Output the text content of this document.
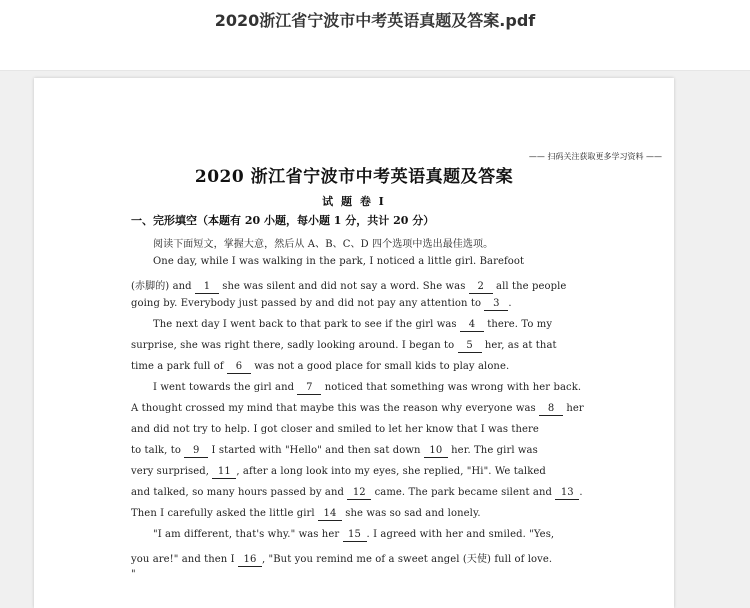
2020浙江省宁波市中考英语真题及答案.pdf
—— 扫码关注获取更多学习资料 ——
2020 浙江省宁波市中考英语真题及答案
试 题 卷 I
一、完形填空（本题有 20 小题，每小题 1 分，共计 20 分）
阅读下面短文，掌握大意，然后从 A、B、C、D 四个选项中选出最佳选项。
One day, while I was walking in the park, I noticed a little girl. Barefoot
(赤脚的) and 1 she was silent and did not say a word. She was 2 all the people
going by. Everybody just passed by and did not pay any attention to 3 .
The next day I went back to that park to see if the girl was 4 there. To my
surprise, she was right there, sadly looking around. I began to 5 her, as at that
time a park full of 6 was not a good place for small kids to play alone.
I went towards the girl and 7 noticed that something was wrong with her back.
A thought crossed my mind that maybe this was the reason why everyone was 8 her
and did not try to help. I got closer and smiled to let her know that I was there
to talk, to 9 I started with "Hello" and then sat down 10 her. The girl was
very surprised, 11 , after a long look into my eyes, she replied, "Hi". We talked
and talked, so many hours passed by and 12 came. The park became silent and 13 .
Then I carefully asked the little girl 14 she was so sad and lonely.
"I am different, that's why." was her 15 . I agreed with her and smiled. "Yes,
you are!" and then I 16 , "But you remind me of a sweet angel (天使) full of love.
"
